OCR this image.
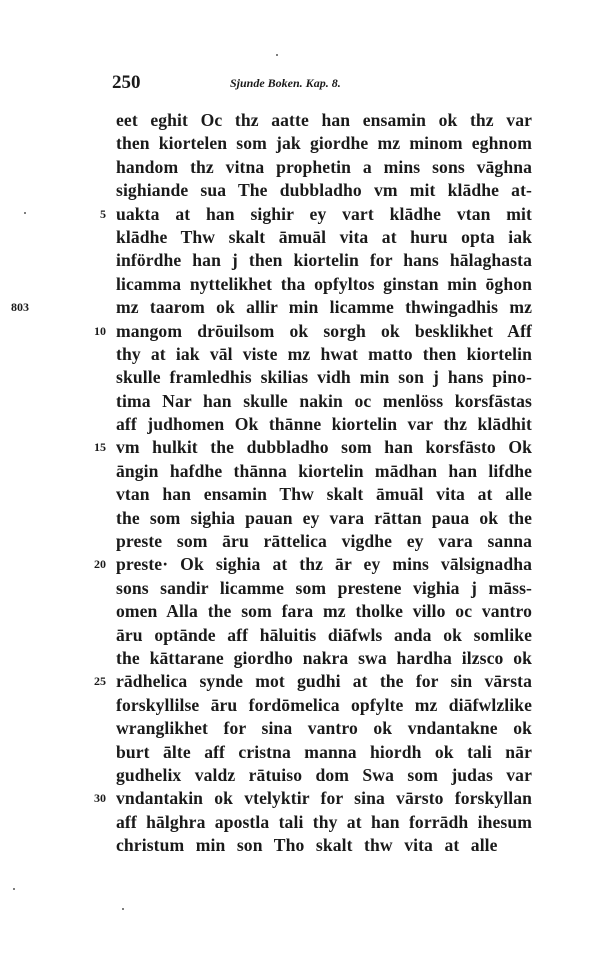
250	Sjunde Boken. Kap. 8.
eet eghit Oc thz aatte han ensamin ok thz var
then kiortelen som jak giordhe mz minom eghnom
handom thz vitna prophetin a mins sons vāghna
sighiande sua The dubbladho vm mit klādhe at-
uakta at han sighir ey vart klādhe vtan mit
5
klādhe Thw skalt āmuāl vita at huru opta iak
infördhe han j then kiortelin for hans hālaghasta
licamma nyttelikhet tha opfyltos ginstan min ōghon
mz taarom ok allir min licamme thwingadhis mz
803
mangom drōuilsom ok sorgh ok besklikhet Aff
10
thy at iak vāl viste mz hwat matto then kiortelin
skulle framledhis skilias vidh min son j hans pino-
tima Nar han skulle nakin oc menlöss korsfāstas
aff judhomen Ok thānne kiortelin var thz klādhit
vm hulkit the dubbladho som han korsfāsto Ok
15
āngin hafdhe thānna kiortelin mādhan han lifdhe
vtan han ensamin Thw skalt āmuāl vita at alle
the som sighia pauan ey vara rāttan paua ok the
preste som āru rāttelica vigdhe ey vara sanna
preste· Ok sighia at thz ār ey mins vālsignadha
20
sons sandir licamme som prestene vighia j māss-
omen Alla the som fara mz tholke villo oc vantro
āru optānde aff hāluitis diāfwls anda ok somlike
the kāttarane giordho nakra swa hardha ilzsco ok
rādhelica synde mot gudhi at the for sin vārsta
25
forskyllilse āru fordōmelica opfylte mz diāfwlzlike
wranglikhet for sina vantro ok vndantakne ok
burt ālte aff cristna manna hiordh ok tali nār
gudhelix valdz rātuiso dom Swa som judas var
vndantakin ok vtelyktir for sina vārsto forskyllan
30
aff hālghra apostla tali thy at han forrādh ihesum
christum min son Tho skalt thw vita at alle
